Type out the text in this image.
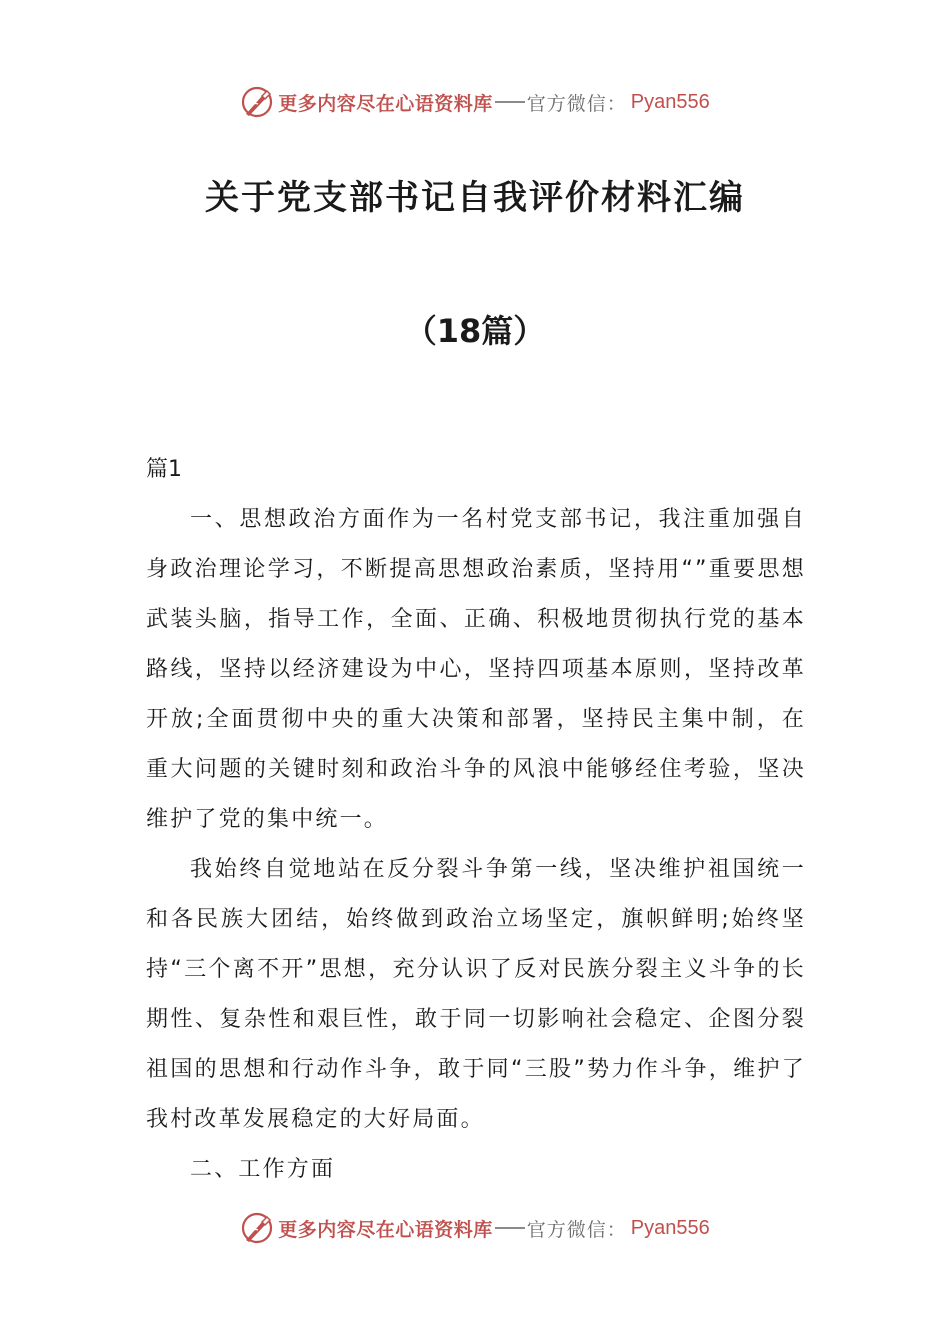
更多内容尽在心语资料库 官方微信： Pyan556
关于党支部书记自我评价材料汇编
（18篇）

篇1

一、思想政治方面作为一名村党支部书记，我注重加强自身政治理论学习，不断提高思想政治素质，坚持用“”重要思想武装头脑，指导工作，全面、正确、积极地贯彻执行党的基本路线，坚持以经济建设为中心，坚持四项基本原则，坚持改革开放;全面贯彻中央的重大决策和部署，坚持民主集中制，在重大问题的关键时刻和政治斗争的风浪中能够经住考验，坚决维护了党的集中统一。

我始终自觉地站在反分裂斗争第一线，坚决维护祖国统一和各民族大团结，始终做到政治立场坚定，旗帜鲜明;始终坚持“三个离不开”思想，充分认识了反对民族分裂主义斗争的长期性、复杂性和艰巨性，敢于同一切影响社会稳定、企图分裂祖国的思想和行动作斗争，敢于同“三股”势力作斗争，维护了我村改革发展稳定的大好局面。

二、工作方面

更多内容尽在心语资料库 官方微信： Pyan556
